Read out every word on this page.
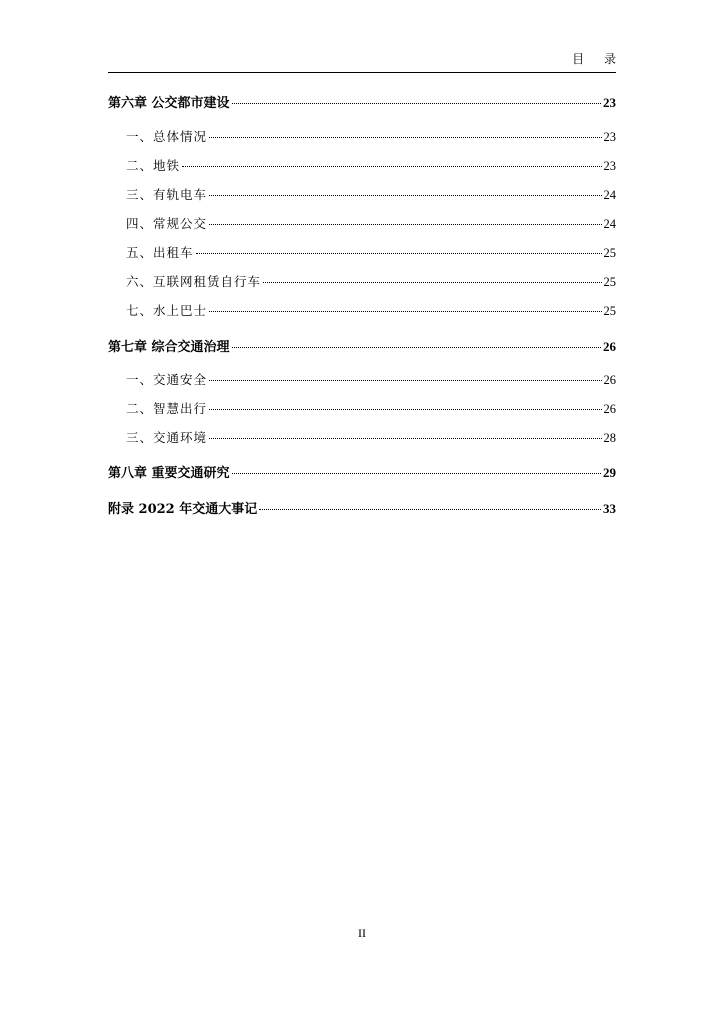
目 录
第六章 公交都市建设	23
一、总体情况	23
二、地铁	23
三、有轨电车	24
四、常规公交	24
五、出租车	25
六、互联网租赁自行车	25
七、水上巴士	25
第七章 综合交通治理	26
一、交通安全	26
二、智慧出行	26
三、交通环境	28
第八章 重要交通研究	29
附录 2022 年交通大事记	33
II
